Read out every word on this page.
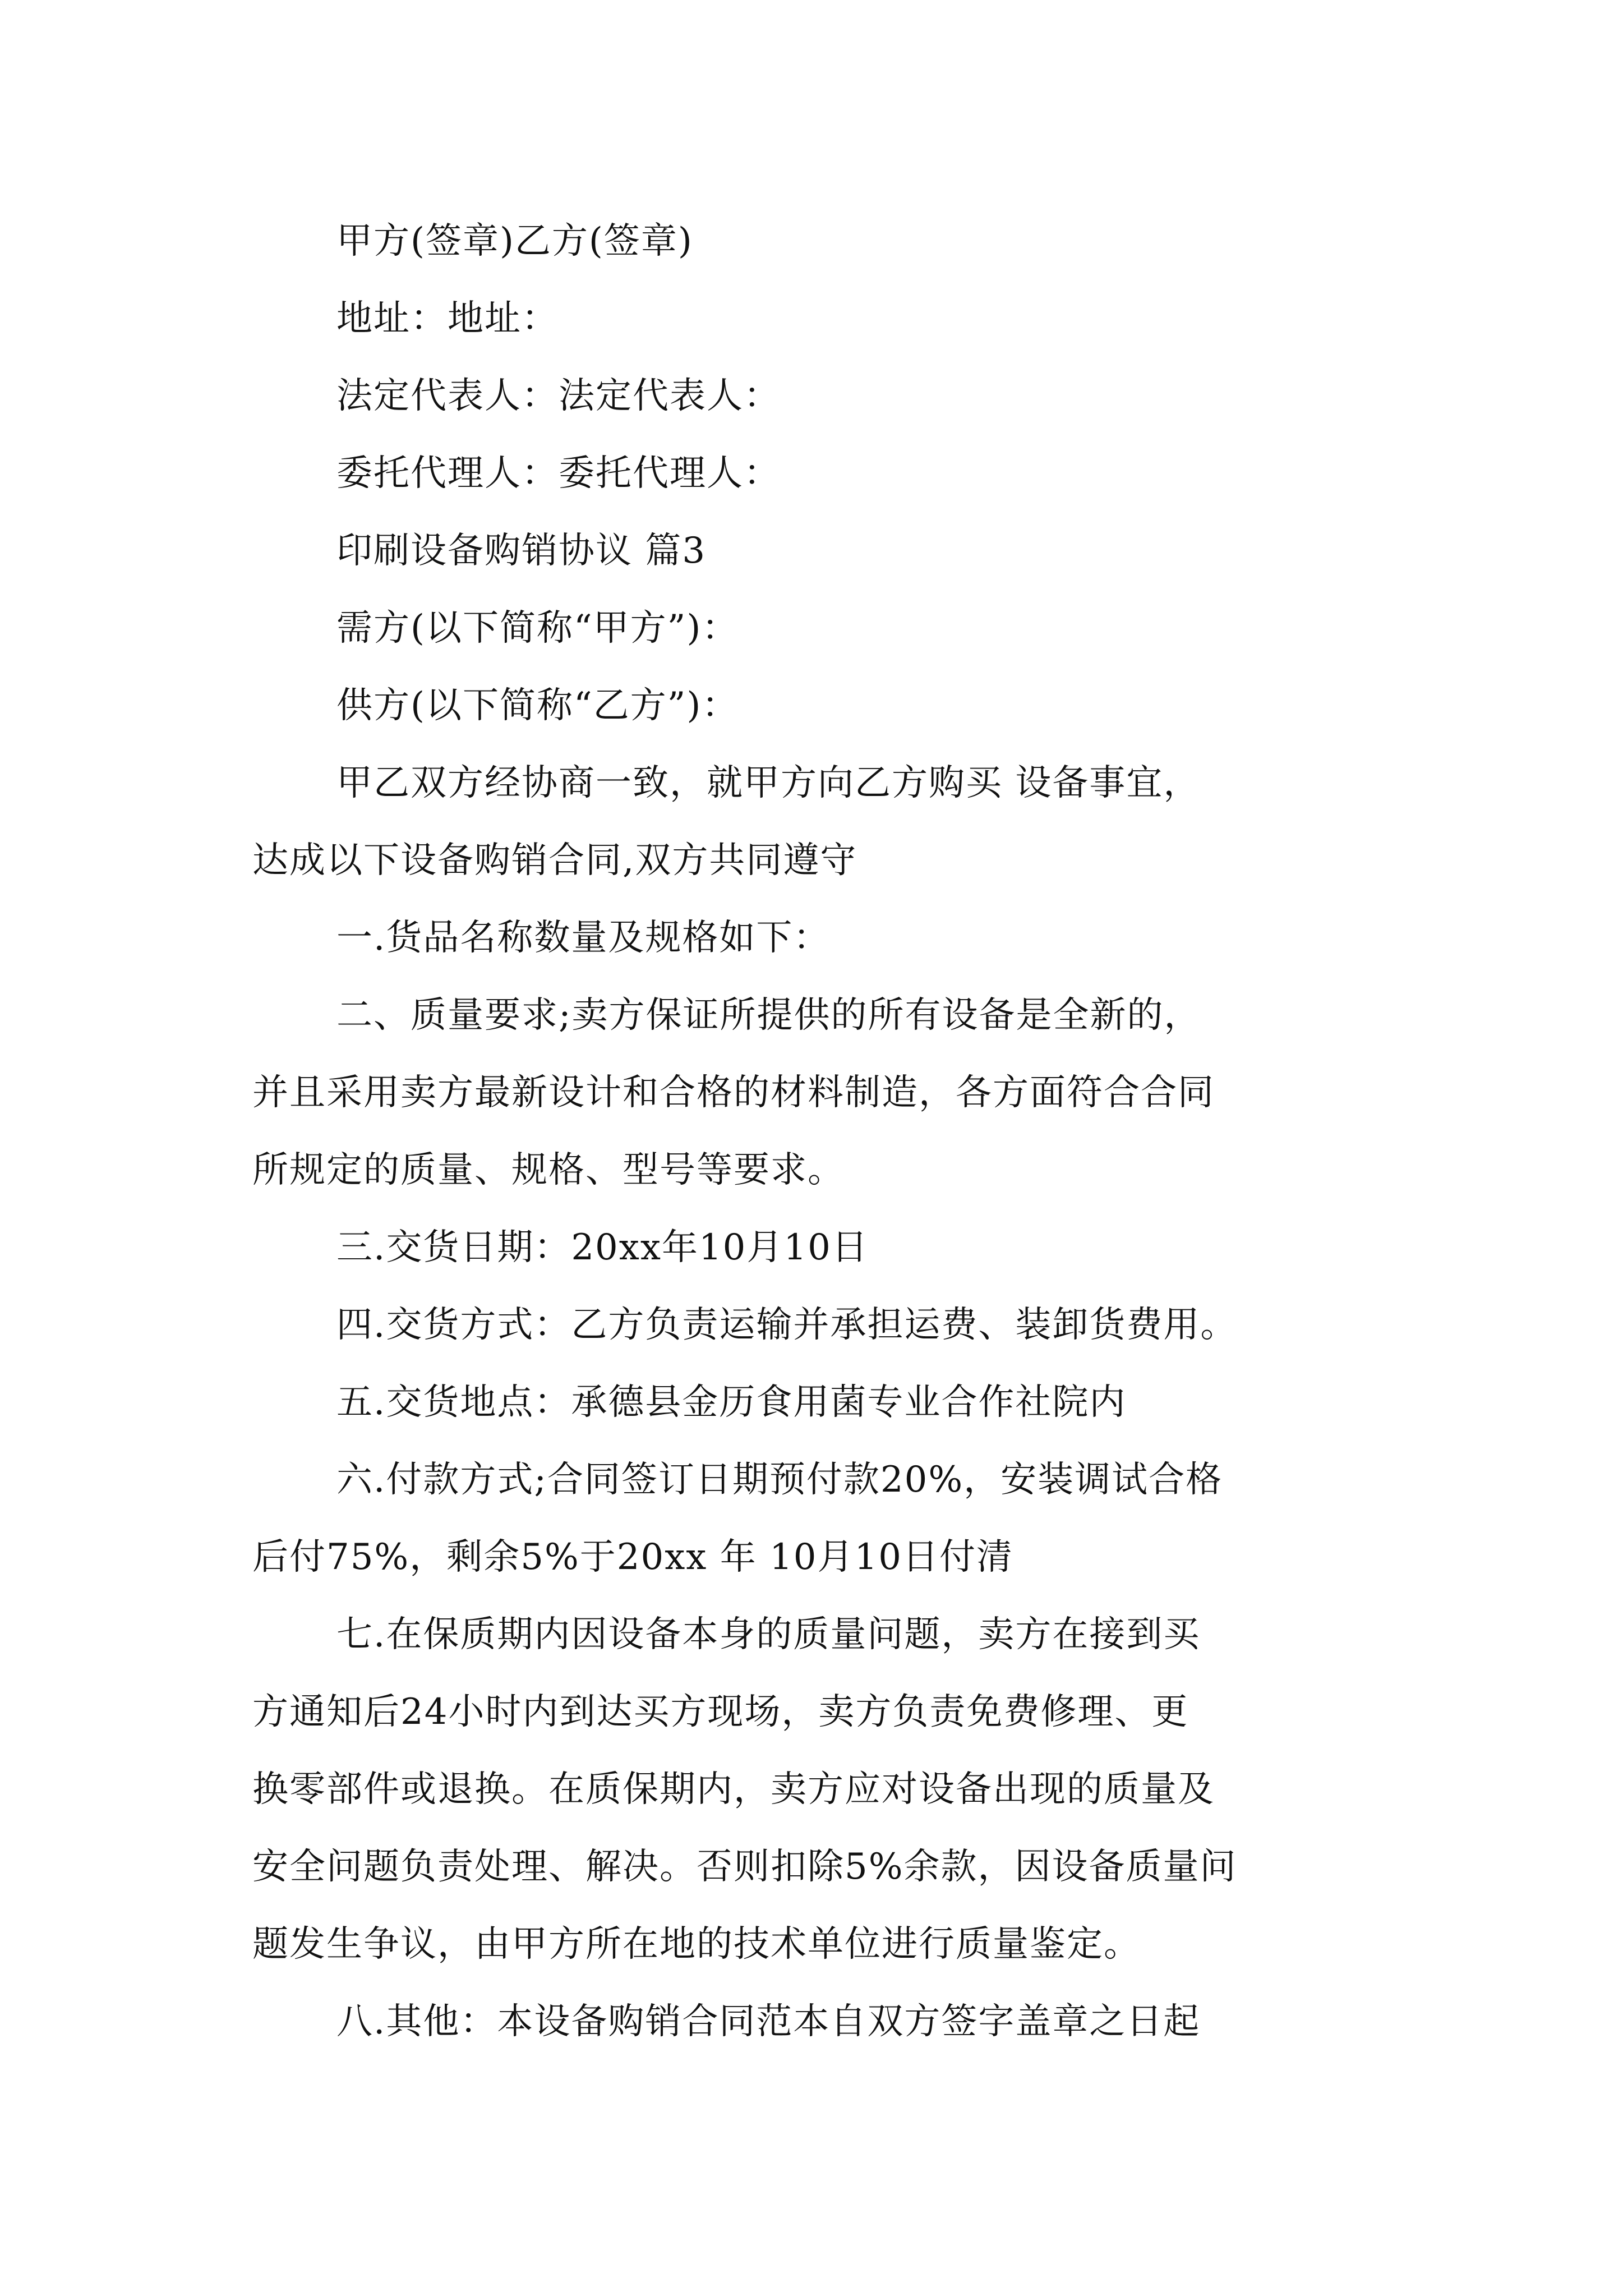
甲方(签章)乙方(签章)
地址：地址：
法定代表人：法定代表人：
委托代理人：委托代理人：
印刷设备购销协议 篇3
需方(以下简称“甲方”)：
供方(以下简称“乙方”)：
甲乙双方经协商一致，就甲方向乙方购买 设备事宜，
达成以下设备购销合同,双方共同遵守
一.货品名称数量及规格如下：
二、质量要求;卖方保证所提供的所有设备是全新的，
并且采用卖方最新设计和合格的材料制造，各方面符合合同
所规定的质量、规格、型号等要求。
三.交货日期：20xx年10月10日
四.交货方式：乙方负责运输并承担运费、装卸货费用。
五.交货地点：承德县金历食用菌专业合作社院内
六.付款方式;合同签订日期预付款20%，安装调试合格
后付75%，剩余5%于20xx 年 10月10日付清
七.在保质期内因设备本身的质量问题，卖方在接到买
方通知后24小时内到达买方现场，卖方负责免费修理、更
换零部件或退换。在质保期内，卖方应对设备出现的质量及
安全问题负责处理、解决。否则扣除5%余款，因设备质量问
题发生争议，由甲方所在地的技术单位进行质量鉴定。
八.其他：本设备购销合同范本自双方签字盖章之日起
